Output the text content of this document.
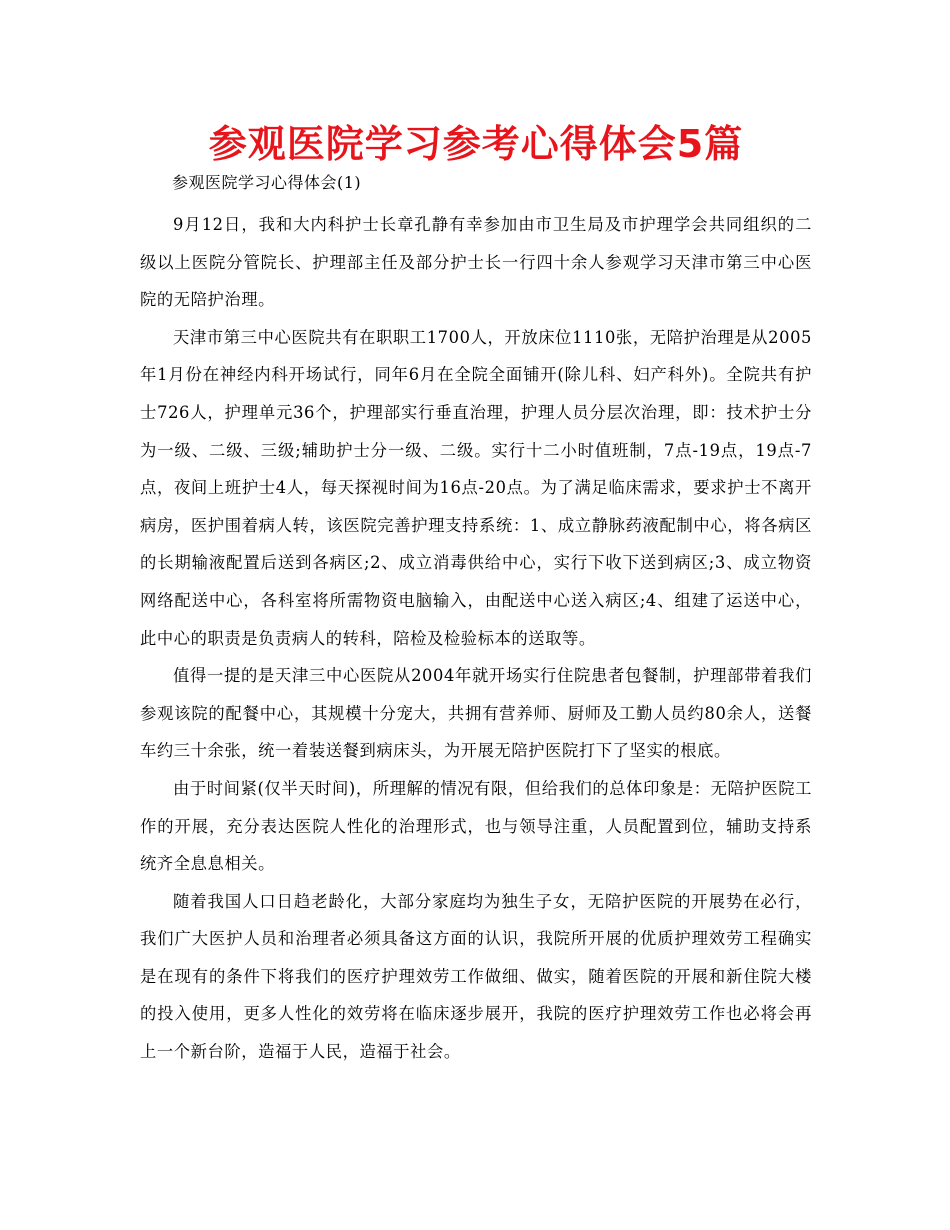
参观医院学习参考心得体会5篇

参观医院学习心得体会(1)

9月12日，我和大内科护士长章孔静有幸参加由市卫生局及市护理学会共同组织的二级以上医院分管院长、护理部主任及部分护士长一行四十余人参观学习天津市第三中心医院的无陪护治理。

天津市第三中心医院共有在职职工1700人，开放床位1110张，无陪护治理是从2005年1月份在神经内科开场试行，同年6月在全院全面铺开(除儿科、妇产科外)。全院共有护士726人，护理单元36个，护理部实行垂直治理，护理人员分层次治理，即：技术护士分为一级、二级、三级;辅助护士分一级、二级。实行十二小时值班制，7点-19点，19点-7点，夜间上班护士4人，每天探视时间为16点-20点。为了满足临床需求，要求护士不离开病房，医护围着病人转，该医院完善护理支持系统：1、成立静脉药液配制中心，将各病区的长期输液配置后送到各病区;2、成立消毒供给中心，实行下收下送到病区;3、成立物资网络配送中心，各科室将所需物资电脑输入，由配送中心送入病区;4、组建了运送中心，此中心的职责是负责病人的转科，陪检及检验标本的送取等。

值得一提的是天津三中心医院从2004年就开场实行住院患者包餐制，护理部带着我们参观该院的配餐中心，其规模十分宠大，共拥有营养师、厨师及工勤人员约80余人，送餐车约三十余张，统一着装送餐到病床头，为开展无陪护医院打下了坚实的根底。

由于时间紧(仅半天时间)，所理解的情况有限，但给我们的总体印象是：无陪护医院工作的开展，充分表达医院人性化的治理形式，也与领导注重，人员配置到位，辅助支持系统齐全息息相关。

随着我国人口日趋老龄化，大部分家庭均为独生子女，无陪护医院的开展势在必行，我们广大医护人员和治理者必须具备这方面的认识，我院所开展的优质护理效劳工程确实是在现有的条件下将我们的医疗护理效劳工作做细、做实，随着医院的开展和新住院大楼的投入使用，更多人性化的效劳将在临床逐步展开，我院的医疗护理效劳工作也必将会再上一个新台阶，造福于人民，造福于社会。
